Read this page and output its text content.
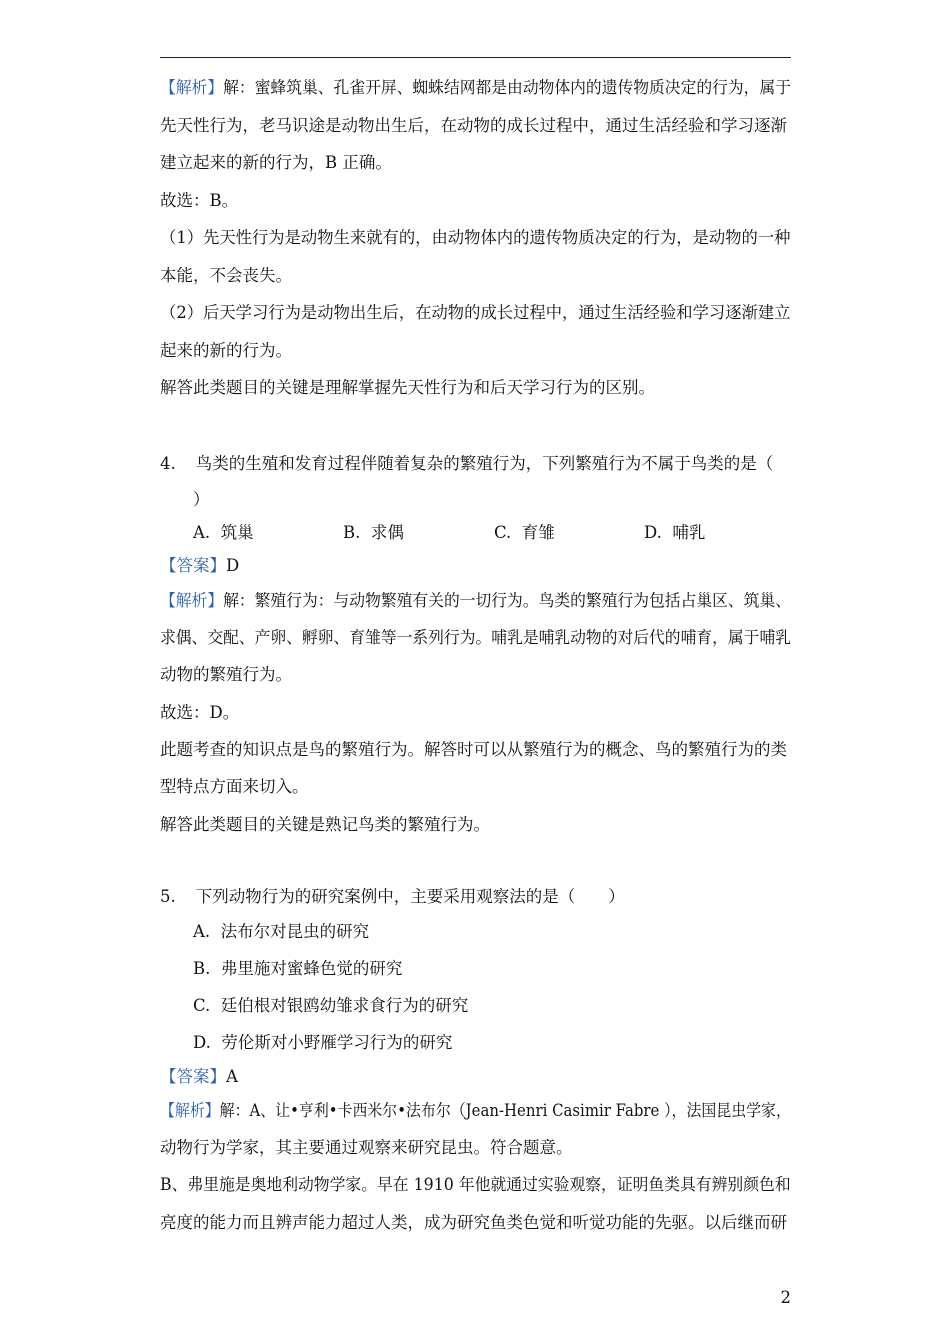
【解析】解：蜜蜂筑巢、孔雀开屏、蜘蛛结网都是由动物体内的遗传物质决定的行为，属于
先天性行为，老马识途是动物出生后，在动物的成长过程中，通过生活经验和学习逐渐
建立起来的新的行为，B 正确。
故选：B。
（1）先天性行为是动物生来就有的，由动物体内的遗传物质决定的行为，是动物的一种
本能，不会丧失。
（2）后天学习行为是动物出生后，在动物的成长过程中，通过生活经验和学习逐渐建立
起来的新的行为。
解答此类题目的关键是理解掌握先天性行为和后天学习行为的区别。
4. 鸟类的生殖和发育过程伴随着复杂的繁殖行为，下列繁殖行为不属于鸟类的是（
）
A. 筑巢	B. 求偶	C. 育雏	D. 哺乳
【答案】D
【解析】解：繁殖行为：与动物繁殖有关的一切行为。鸟类的繁殖行为包括占巢区、筑巢、
求偶、交配、产卵、孵卵、育雏等一系列行为。哺乳是哺乳动物的对后代的哺育，属于哺乳
动物的繁殖行为。
故选：D。
此题考查的知识点是鸟的繁殖行为。解答时可以从繁殖行为的概念、鸟的繁殖行为的类
型特点方面来切入。
解答此类题目的关键是熟记鸟类的繁殖行为。
5. 下列动物行为的研究案例中，主要采用观察法的是（　　）
A. 法布尔对昆虫的研究
B. 弗里施对蜜蜂色觉的研究
C. 廷伯根对银鸥幼雏求食行为的研究
D. 劳伦斯对小野雁学习行为的研究
【答案】A
【解析】解：A、让•亨利•卡西米尔•法布尔（Jean-Henri Casimir Fabre ），法国昆虫学家，
动物行为学家，其主要通过观察来研究昆虫。符合题意。
B、弗里施是奥地利动物学家。早在 1910 年他就通过实验观察，证明鱼类具有辨别颜色和
亮度的能力而且辨声能力超过人类，成为研究鱼类色觉和听觉功能的先驱。以后继而研
2
